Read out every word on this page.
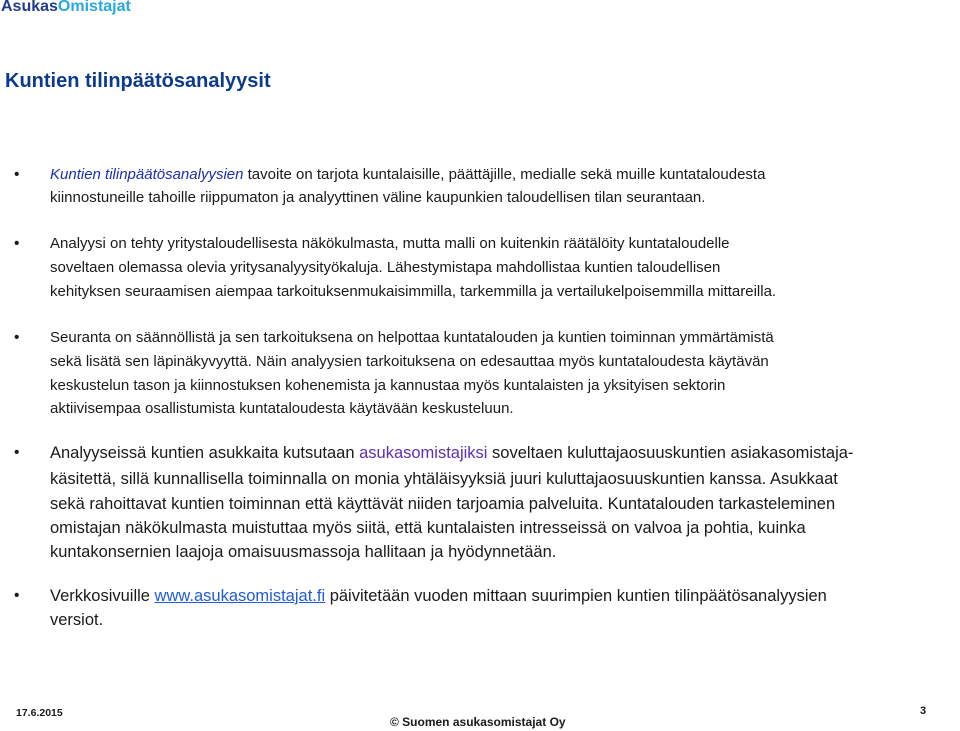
AsukasOmistajat
Kuntien tilinpäätösanalyysit
• Kuntien tilinpäätösanalyysien tavoite on tarjota kuntalaisille, päättäjille, medialle sekä muille kuntataloudesta
kiinnostuneille tahoille riippumaton ja analyyttinen väline kaupunkien taloudellisen tilan seurantaan.
• Analyysi on tehty yritystaloudellisesta näkökulmasta, mutta malli on kuitenkin räätälöity kuntataloudelle
soveltaen olemassa olevia yritysanalyysityökaluja. Lähestymistapa mahdollistaa kuntien taloudellisen
kehityksen seuraamisen aiempaa tarkoituksenmukaisimmilla, tarkemmilla ja vertailukelpoisemmilla mittareilla.
• Seuranta on säännöllistä ja sen tarkoituksena on helpottaa kuntatalouden ja kuntien toiminnan ymmärtämistä
sekä lisätä sen läpinäkyvyyttä. Näin analyysien tarkoituksena on edesauttaa myös kuntataloudesta käytävän
keskustelun tason ja kiinnostuksen kohenemista ja kannustaa myös kuntalaisten ja yksityisen sektorin
aktiivisempaa osallistumista kuntataloudesta käytävään keskusteluun.
• Analyyseissä kuntien asukkaita kutsutaan asukasomistajiksi soveltaen kuluttajaosuuskuntien asiakasomistaja-
käsitettä, sillä kunnallisella toiminnalla on monia yhtäläisyyksiä juuri kuluttajaosuuskuntien kanssa. Asukkaat
sekä rahoittavat kuntien toiminnan että käyttävät niiden tarjoamia palveluita. Kuntatalouden tarkasteleminen
omistajan näkökulmasta muistuttaa myös siitä, että kuntalaisten intresseissä on valvoa ja pohtia, kuinka
kuntakonsernien laajoja omaisuusmassoja hallitaan ja hyödynnetään.
• Verkkosivuille www.asukasomistajat.fi päivitetään vuoden mittaan suurimpien kuntien tilinpäätösanalyysien
versiot.
17.6.2015
© Suomen asukasomistajat Oy
3
